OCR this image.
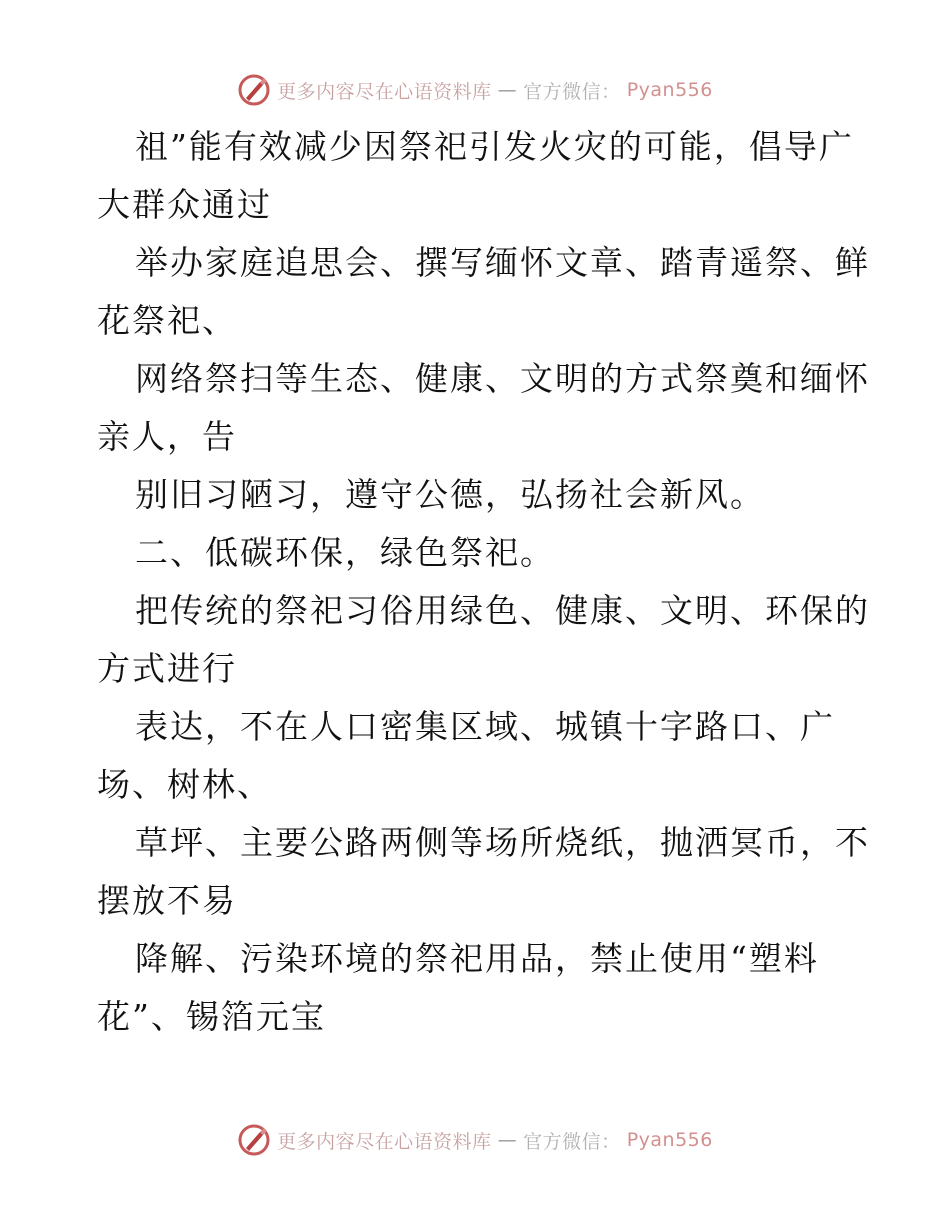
更多内容尽在心语资料库 — 官方微信： Pyan556
祖”能有效减少因祭祀引发火灾的可能，倡导广
大群众通过
举办家庭追思会、撰写缅怀文章、踏青遥祭、鲜
花祭祀、
网络祭扫等生态、健康、文明的方式祭奠和缅怀
亲人，告
别旧习陋习，遵守公德，弘扬社会新风。
二、低碳环保，绿色祭祀。
把传统的祭祀习俗用绿色、健康、文明、环保的
方式进行
表达，不在人口密集区域、城镇十字路口、广
场、树林、
草坪、主要公路两侧等场所烧纸，抛洒冥币，不
摆放不易
降解、污染环境的祭祀用品，禁止使用“塑料
花”、锡箔元宝
更多内容尽在心语资料库 — 官方微信： Pyan556
